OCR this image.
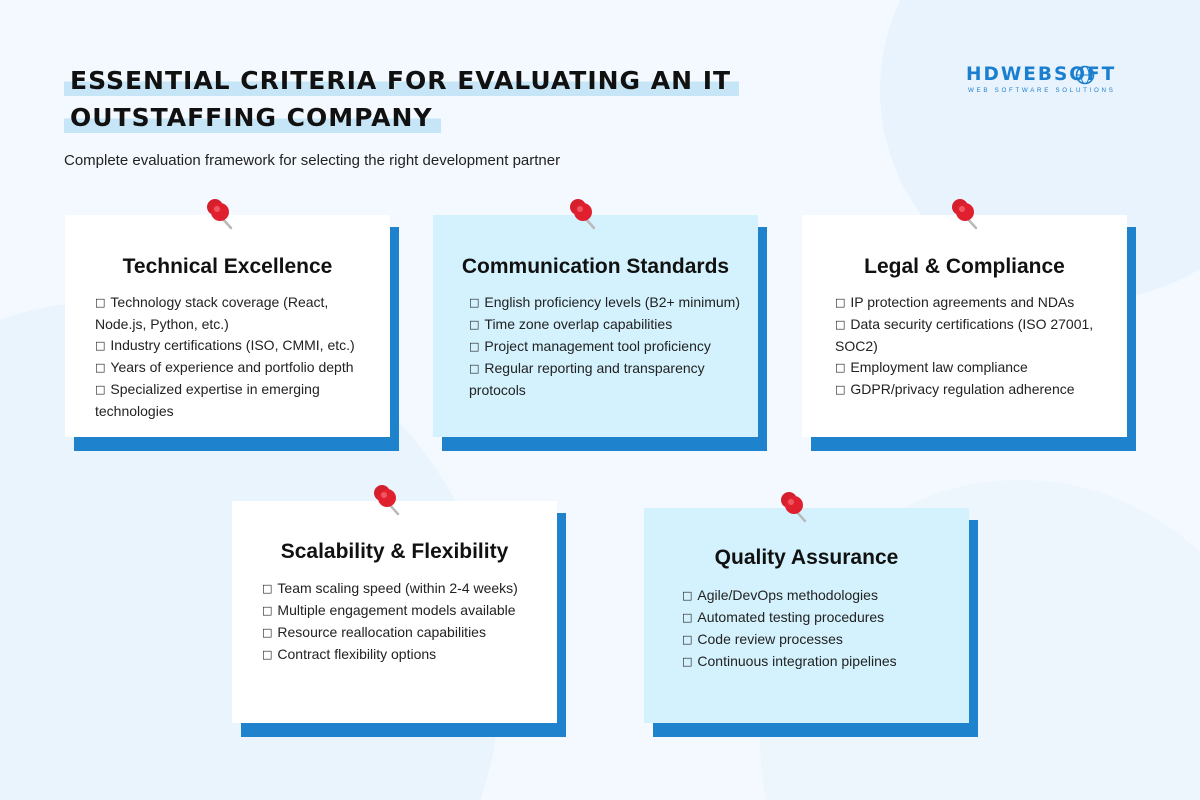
ESSENTIAL CRITERIA FOR EVALUATING AN IT
OUTSTAFFING COMPANY
Complete evaluation framework for selecting the right development partner
HDWEBSOFT
WEB SOFTWARE SOLUTIONS
Technical Excellence
□ Technology stack coverage (React, Node.js, Python, etc.)
□ Industry certifications (ISO, CMMI, etc.)
□ Years of experience and portfolio depth
□ Specialized expertise in emerging technologies
Communication Standards
□ English proficiency levels (B2+ minimum)
□ Time zone overlap capabilities
□ Project management tool proficiency
□ Regular reporting and transparency protocols
Legal & Compliance
□ IP protection agreements and NDAs
□ Data security certifications (ISO 27001, SOC2)
□ Employment law compliance
□ GDPR/privacy regulation adherence
Scalability & Flexibility
□ Team scaling speed (within 2-4 weeks)
□ Multiple engagement models available
□ Resource reallocation capabilities
□ Contract flexibility options
Quality Assurance
□ Agile/DevOps methodologies
□ Automated testing procedures
□ Code review processes
□ Continuous integration pipelines
